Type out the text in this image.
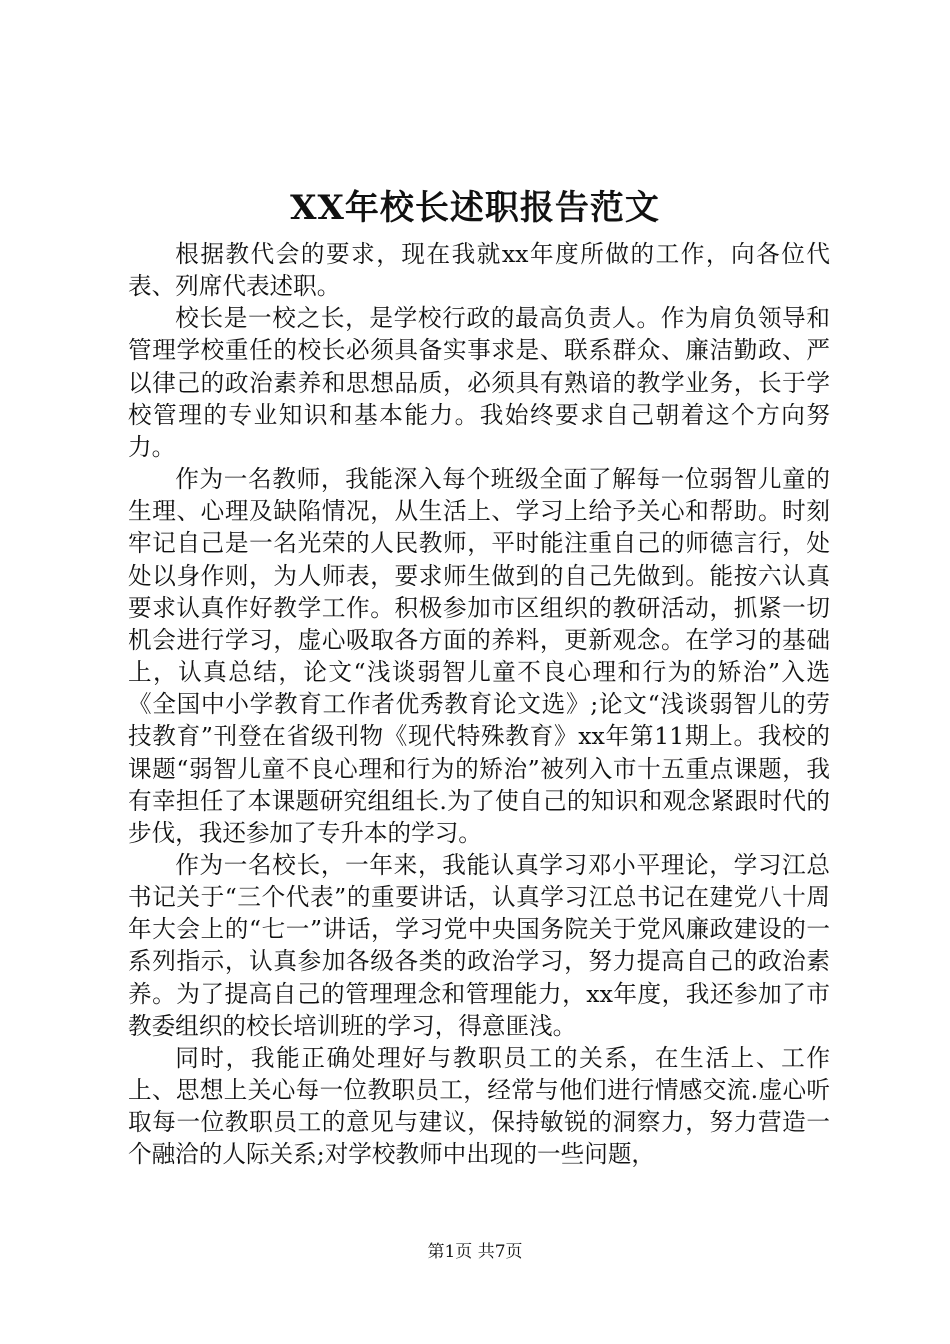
XX年校长述职报告范文

根据教代会的要求，现在我就xx年度所做的工作，向各位代表、列席代表述职。

校长是一校之长，是学校行政的最高负责人。作为肩负领导和管理学校重任的校长必须具备实事求是、联系群众、廉洁勤政、严以律己的政治素养和思想品质，必须具有熟谙的教学业务，长于学校管理的专业知识和基本能力。我始终要求自己朝着这个方向努力。

作为一名教师，我能深入每个班级全面了解每一位弱智儿童的生理、心理及缺陷情况，从生活上、学习上给予关心和帮助。时刻牢记自己是一名光荣的人民教师，平时能注重自己的师德言行，处处以身作则，为人师表，要求师生做到的自己先做到。能按六认真要求认真作好教学工作。积极参加市区组织的教研活动，抓紧一切机会进行学习，虚心吸取各方面的养料，更新观念。在学习的基础上，认真总结，论文“浅谈弱智儿童不良心理和行为的矫治”入选《全国中小学教育工作者优秀教育论文选》;论文“浅谈弱智儿的劳技教育”刊登在省级刊物《现代特殊教育》xx年第11期上。我校的课题“弱智儿童不良心理和行为的矫治”被列入市十五重点课题，我有幸担任了本课题研究组组长.为了使自己的知识和观念紧跟时代的步伐，我还参加了专升本的学习。

作为一名校长，一年来，我能认真学习邓小平理论，学习江总书记关于“三个代表”的重要讲话，认真学习江总书记在建党八十周年大会上的“七一”讲话，学习党中央国务院关于党风廉政建设的一系列指示，认真参加各级各类的政治学习，努力提高自己的政治素养。为了提高自己的管理理念和管理能力，xx年度，我还参加了市教委组织的校长培训班的学习，得意匪浅。

同时，我能正确处理好与教职员工的关系，在生活上、工作上、思想上关心每一位教职员工，经常与他们进行情感交流.虚心听取每一位教职员工的意见与建议，保持敏锐的洞察力，努力营造一个融洽的人际关系;对学校教师中出现的一些问题，

第1页 共7页
